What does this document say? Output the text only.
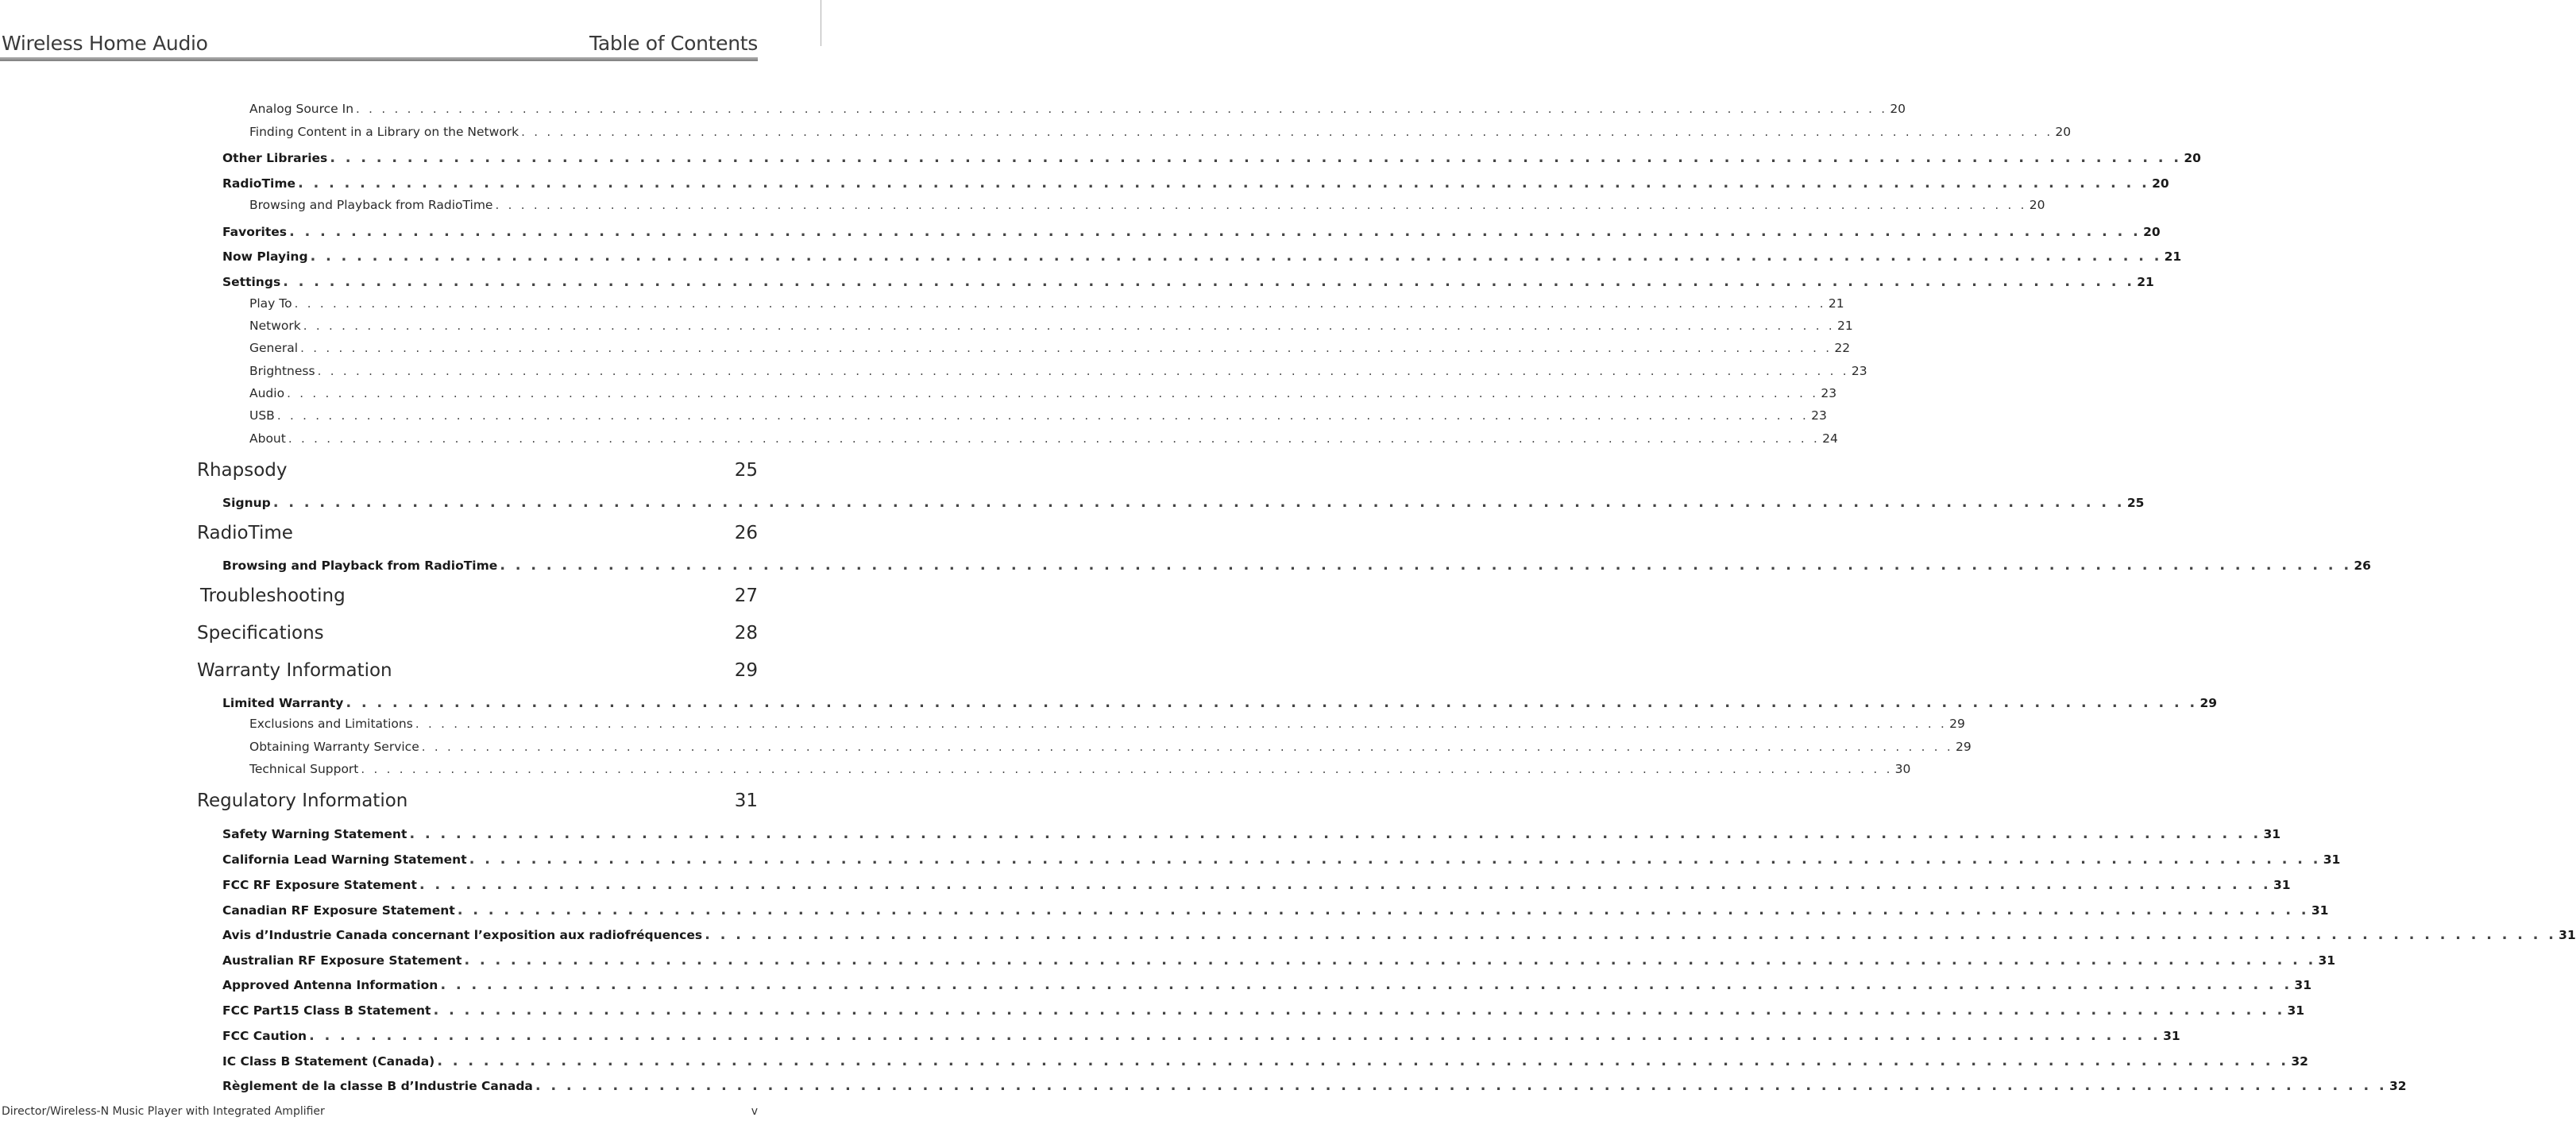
Wireless Home Audio	Table of Contents
Analog Source In . . . . . . . . . . . . . . . . . . . . . . . . . . . . . . . . . . . . . . . . . . . . . . . . . . . . . . . . . . . . . . . . . . . . . . . . . . . . . . . . . . . . . . . . . . . . . . . . . . . . . . . . . . . . . . . . . . . . . . . . 20
Finding Content in a Library on the Network . . . . . . . . . . . . . . . . . . . . . . . . . . . . . . . . . . . . . . . . . . . . . . . . . . . . . . . . . . . . . . . . . . . . . . . . . . . . . . . . . . . . . . . . . . . . . . . . . . . . . . . . . . . . . . . . . . . . . . . . 20
Other Libraries . . . . . . . . . . . . . . . . . . . . . . . . . . . . . . . . . . . . . . . . . . . . . . . . . . . . . . . . . . . . . . . . . . . . . . . . . . . . . . . . . . . . . . . . . . . . . . . . . . . . . . . . . . . . . . . . . . . . . . . . 20
RadioTime . . . . . . . . . . . . . . . . . . . . . . . . . . . . . . . . . . . . . . . . . . . . . . . . . . . . . . . . . . . . . . . . . . . . . . . . . . . . . . . . . . . . . . . . . . . . . . . . . . . . . . . . . . . . . . . . . . . . . . . . 20
Browsing and Playback from RadioTime . . . . . . . . . . . . . . . . . . . . . . . . . . . . . . . . . . . . . . . . . . . . . . . . . . . . . . . . . . . . . . . . . . . . . . . . . . . . . . . . . . . . . . . . . . . . . . . . . . . . . . . . . . . . . . . . . . . . . . . . 20
Favorites . . . . . . . . . . . . . . . . . . . . . . . . . . . . . . . . . . . . . . . . . . . . . . . . . . . . . . . . . . . . . . . . . . . . . . . . . . . . . . . . . . . . . . . . . . . . . . . . . . . . . . . . . . . . . . . . . . . . . . . . 20
Now Playing . . . . . . . . . . . . . . . . . . . . . . . . . . . . . . . . . . . . . . . . . . . . . . . . . . . . . . . . . . . . . . . . . . . . . . . . . . . . . . . . . . . . . . . . . . . . . . . . . . . . . . . . . . . . . . . . . . . . . . . . 21
Settings . . . . . . . . . . . . . . . . . . . . . . . . . . . . . . . . . . . . . . . . . . . . . . . . . . . . . . . . . . . . . . . . . . . . . . . . . . . . . . . . . . . . . . . . . . . . . . . . . . . . . . . . . . . . . . . . . . . . . . . . 21
Play To . . . . . . . . . . . . . . . . . . . . . . . . . . . . . . . . . . . . . . . . . . . . . . . . . . . . . . . . . . . . . . . . . . . . . . . . . . . . . . . . . . . . . . . . . . . . . . . . . . . . . . . . . . . . . . . . . . . . . . . . 21
Network . . . . . . . . . . . . . . . . . . . . . . . . . . . . . . . . . . . . . . . . . . . . . . . . . . . . . . . . . . . . . . . . . . . . . . . . . . . . . . . . . . . . . . . . . . . . . . . . . . . . . . . . . . . . . . . . . . . . . . . . 21
General . . . . . . . . . . . . . . . . . . . . . . . . . . . . . . . . . . . . . . . . . . . . . . . . . . . . . . . . . . . . . . . . . . . . . . . . . . . . . . . . . . . . . . . . . . . . . . . . . . . . . . . . . . . . . . . . . . . . . . . . 22
Brightness . . . . . . . . . . . . . . . . . . . . . . . . . . . . . . . . . . . . . . . . . . . . . . . . . . . . . . . . . . . . . . . . . . . . . . . . . . . . . . . . . . . . . . . . . . . . . . . . . . . . . . . . . . . . . . . . . . . . . . . . 23
Audio . . . . . . . . . . . . . . . . . . . . . . . . . . . . . . . . . . . . . . . . . . . . . . . . . . . . . . . . . . . . . . . . . . . . . . . . . . . . . . . . . . . . . . . . . . . . . . . . . . . . . . . . . . . . . . . . . . . . . . . . 23
USB . . . . . . . . . . . . . . . . . . . . . . . . . . . . . . . . . . . . . . . . . . . . . . . . . . . . . . . . . . . . . . . . . . . . . . . . . . . . . . . . . . . . . . . . . . . . . . . . . . . . . . . . . . . . . . . . . . . . . . . . 23
About . . . . . . . . . . . . . . . . . . . . . . . . . . . . . . . . . . . . . . . . . . . . . . . . . . . . . . . . . . . . . . . . . . . . . . . . . . . . . . . . . . . . . . . . . . . . . . . . . . . . . . . . . . . . . . . . . . . . . . . . 24
Rhapsody	25
Signup . . . . . . . . . . . . . . . . . . . . . . . . . . . . . . . . . . . . . . . . . . . . . . . . . . . . . . . . . . . . . . . . . . . . . . . . . . . . . . . . . . . . . . . . . . . . . . . . . . . . . . . . . . . . . . . . . . . . . . . . 25
RadioTime	26
Browsing and Playback from RadioTime . . . . . . . . . . . . . . . . . . . . . . . . . . . . . . . . . . . . . . . . . . . . . . . . . . . . . . . . . . . . . . . . . . . . . . . . . . . . . . . . . . . . . . . . . . . . . . . . . . . . . . . . . . . . . . . . . . . . . . . . 26
Troubleshooting	27
Specifications	28
Warranty Information	29
Limited Warranty . . . . . . . . . . . . . . . . . . . . . . . . . . . . . . . . . . . . . . . . . . . . . . . . . . . . . . . . . . . . . . . . . . . . . . . . . . . . . . . . . . . . . . . . . . . . . . . . . . . . . . . . . . . . . . . . . . . . . . . . 29
Exclusions and Limitations . . . . . . . . . . . . . . . . . . . . . . . . . . . . . . . . . . . . . . . . . . . . . . . . . . . . . . . . . . . . . . . . . . . . . . . . . . . . . . . . . . . . . . . . . . . . . . . . . . . . . . . . . . . . . . . . . . . . . . . . 29
Obtaining Warranty Service . . . . . . . . . . . . . . . . . . . . . . . . . . . . . . . . . . . . . . . . . . . . . . . . . . . . . . . . . . . . . . . . . . . . . . . . . . . . . . . . . . . . . . . . . . . . . . . . . . . . . . . . . . . . . . . . . . . . . . . . 29
Technical Support . . . . . . . . . . . . . . . . . . . . . . . . . . . . . . . . . . . . . . . . . . . . . . . . . . . . . . . . . . . . . . . . . . . . . . . . . . . . . . . . . . . . . . . . . . . . . . . . . . . . . . . . . . . . . . . . . . . . . . . . 30
Regulatory Information	31
Safety Warning Statement . . . . . . . . . . . . . . . . . . . . . . . . . . . . . . . . . . . . . . . . . . . . . . . . . . . . . . . . . . . . . . . . . . . . . . . . . . . . . . . . . . . . . . . . . . . . . . . . . . . . . . . . . . . . . . . . . . . . . . . . 31
California Lead Warning Statement . . . . . . . . . . . . . . . . . . . . . . . . . . . . . . . . . . . . . . . . . . . . . . . . . . . . . . . . . . . . . . . . . . . . . . . . . . . . . . . . . . . . . . . . . . . . . . . . . . . . . . . . . . . . . . . . . . . . . . . . 31
FCC RF Exposure Statement . . . . . . . . . . . . . . . . . . . . . . . . . . . . . . . . . . . . . . . . . . . . . . . . . . . . . . . . . . . . . . . . . . . . . . . . . . . . . . . . . . . . . . . . . . . . . . . . . . . . . . . . . . . . . . . . . . . . . . . . 31
Canadian RF Exposure Statement . . . . . . . . . . . . . . . . . . . . . . . . . . . . . . . . . . . . . . . . . . . . . . . . . . . . . . . . . . . . . . . . . . . . . . . . . . . . . . . . . . . . . . . . . . . . . . . . . . . . . . . . . . . . . . . . . . . . . . . . 31
Avis d’Industrie Canada concernant l’exposition aux radiofréquences . . . . . . . . . . . . . . . . . . . . . . . . . . . . . . . . . . . . . . . . . . . . . . . . . . . . . . . . . . . . . . . . . . . . . . . . . . . . . . . . . . . . . . . . . . . . . . . . . . . . . . . . . . . . . . . . . . . . . . . . 31
Australian RF Exposure Statement . . . . . . . . . . . . . . . . . . . . . . . . . . . . . . . . . . . . . . . . . . . . . . . . . . . . . . . . . . . . . . . . . . . . . . . . . . . . . . . . . . . . . . . . . . . . . . . . . . . . . . . . . . . . . . . . . . . . . . . . 31
Approved Antenna Information . . . . . . . . . . . . . . . . . . . . . . . . . . . . . . . . . . . . . . . . . . . . . . . . . . . . . . . . . . . . . . . . . . . . . . . . . . . . . . . . . . . . . . . . . . . . . . . . . . . . . . . . . . . . . . . . . . . . . . . . 31
FCC Part15 Class B Statement . . . . . . . . . . . . . . . . . . . . . . . . . . . . . . . . . . . . . . . . . . . . . . . . . . . . . . . . . . . . . . . . . . . . . . . . . . . . . . . . . . . . . . . . . . . . . . . . . . . . . . . . . . . . . . . . . . . . . . . . 31
FCC Caution . . . . . . . . . . . . . . . . . . . . . . . . . . . . . . . . . . . . . . . . . . . . . . . . . . . . . . . . . . . . . . . . . . . . . . . . . . . . . . . . . . . . . . . . . . . . . . . . . . . . . . . . . . . . . . . . . . . . . . . . 31
IC Class B Statement (Canada) . . . . . . . . . . . . . . . . . . . . . . . . . . . . . . . . . . . . . . . . . . . . . . . . . . . . . . . . . . . . . . . . . . . . . . . . . . . . . . . . . . . . . . . . . . . . . . . . . . . . . . . . . . . . . . . . . . . . . . . . 32
Règlement de la classe B d’Industrie Canada . . . . . . . . . . . . . . . . . . . . . . . . . . . . . . . . . . . . . . . . . . . . . . . . . . . . . . . . . . . . . . . . . . . . . . . . . . . . . . . . . . . . . . . . . . . . . . . . . . . . . . . . . . . . . . . . . . . . . . . . 32
Director/Wireless-N Music Player with Integrated Amplifier	v
